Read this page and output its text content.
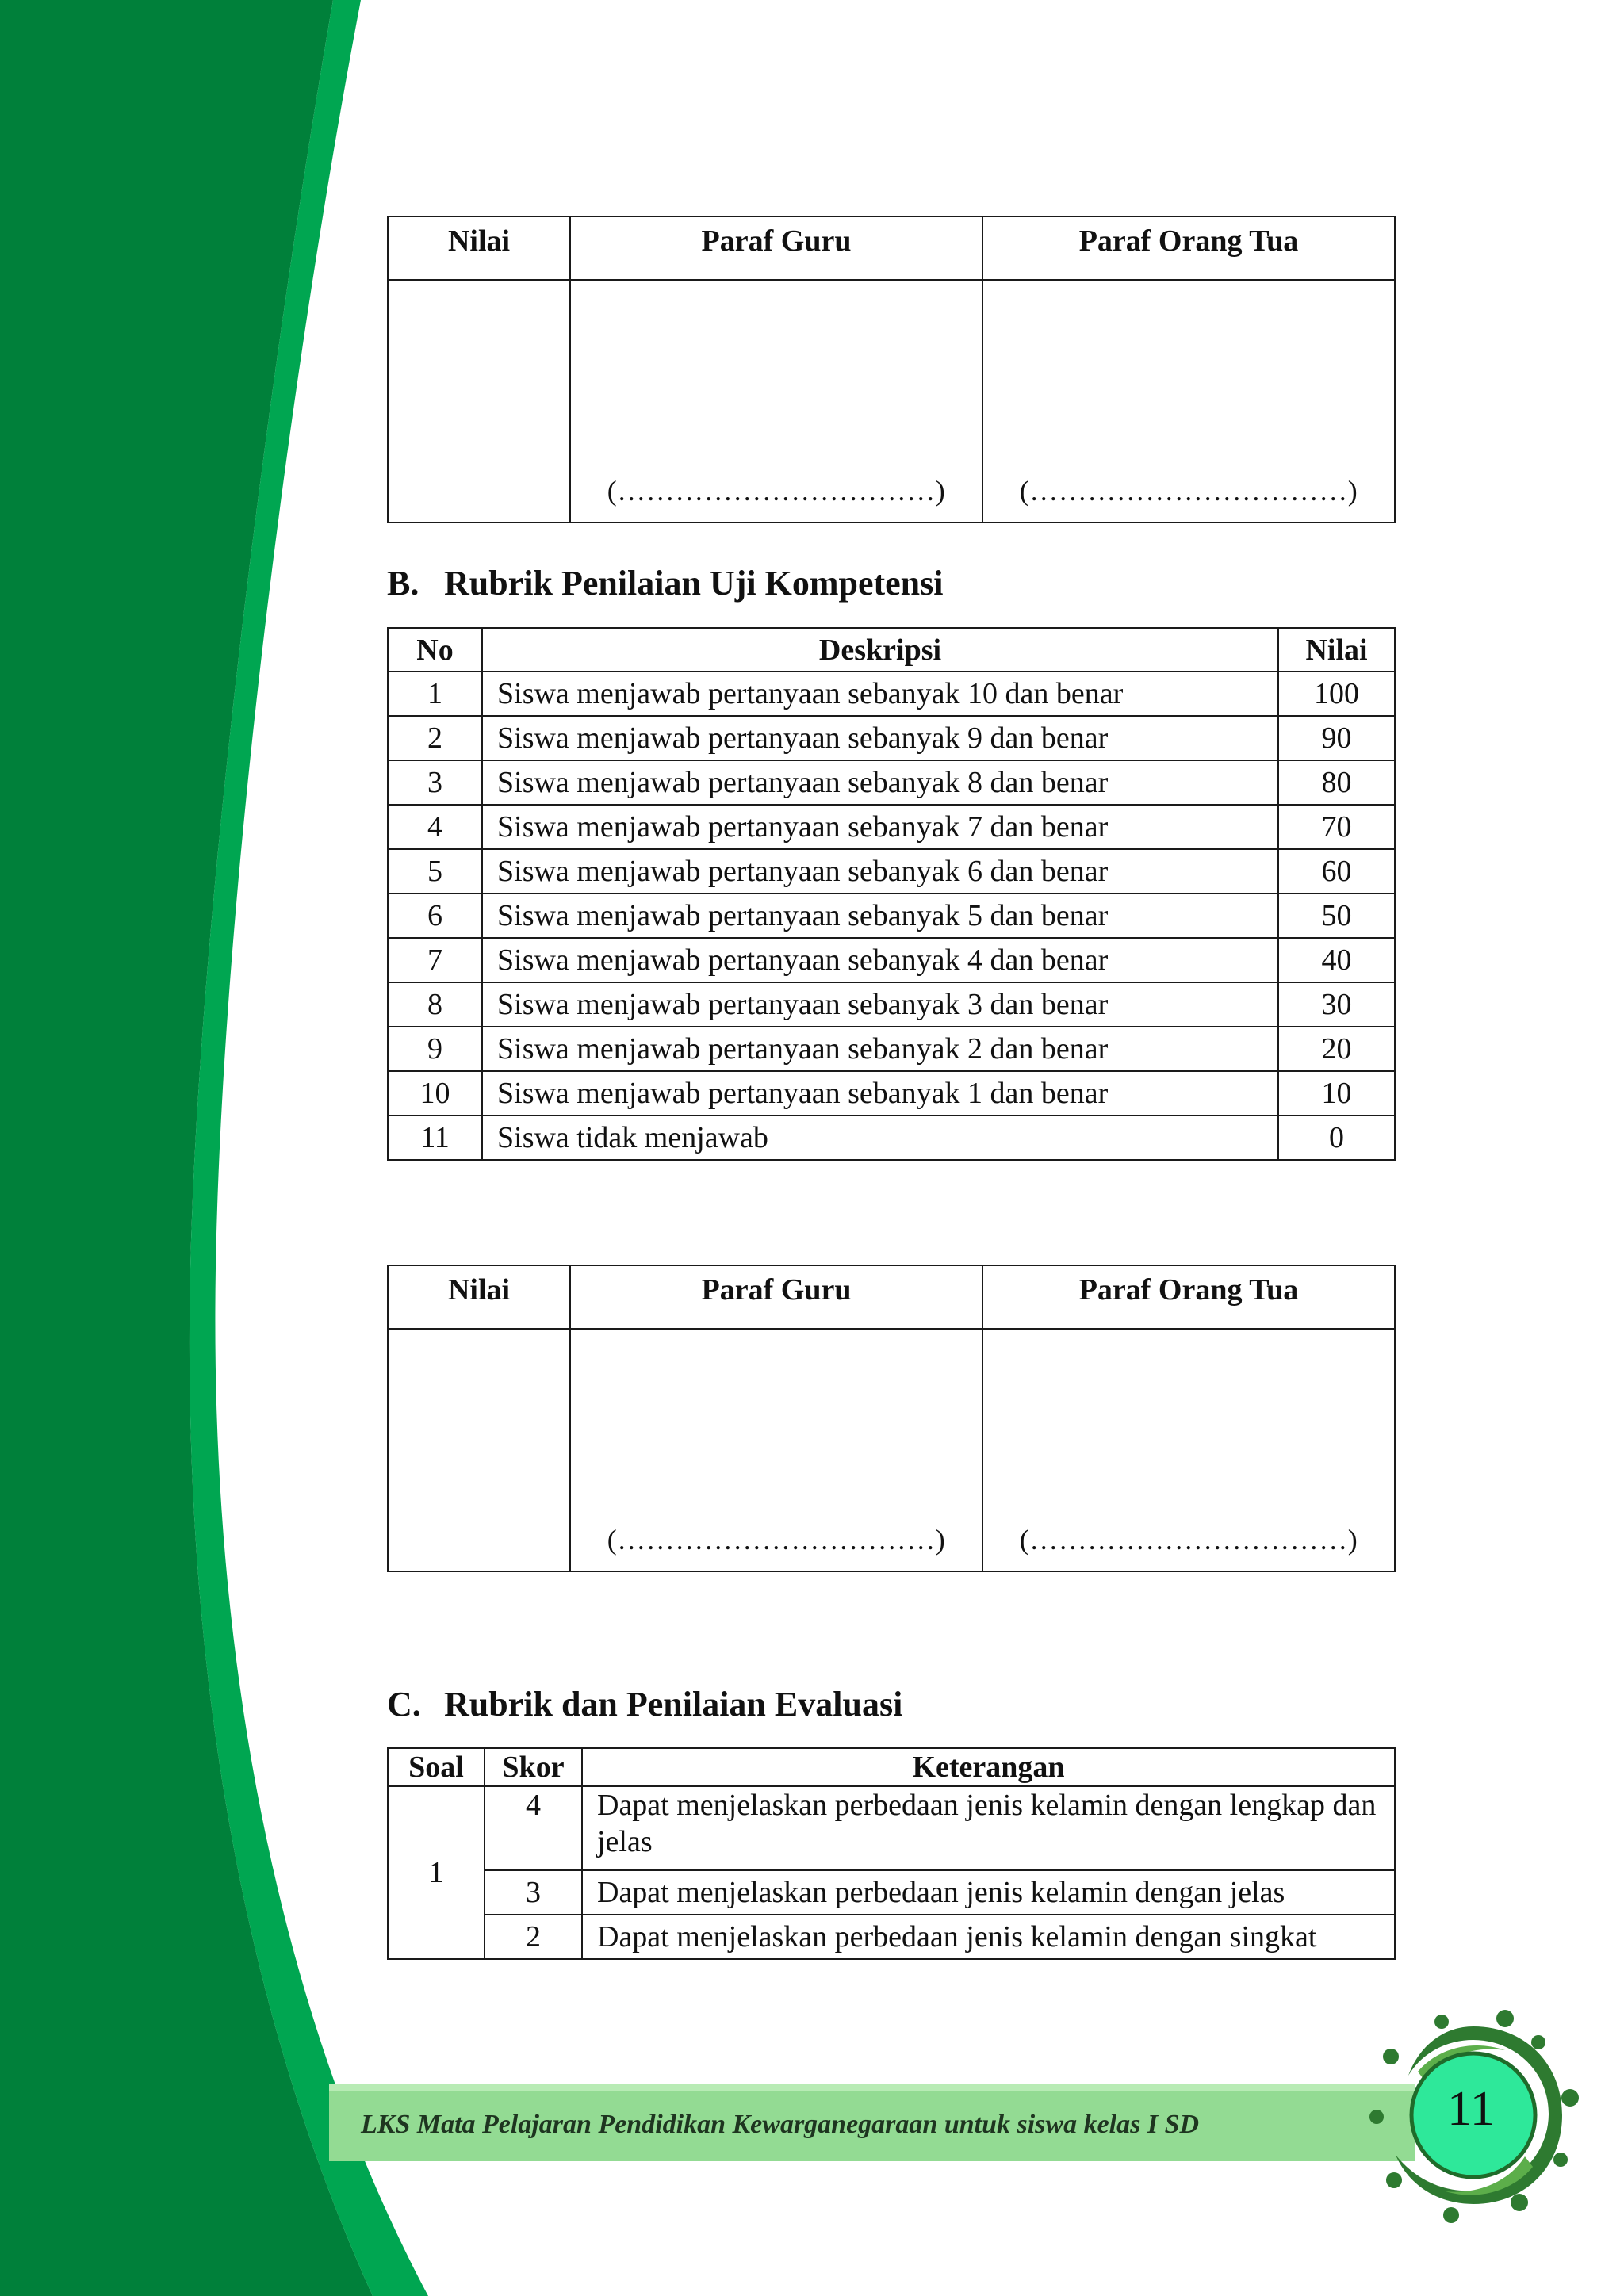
Nilai	Paraf Guru	Paraf Orang Tua
	(……………………………)	(……………………………)
B. Rubrik Penilaian Uji Kompetensi
No	Deskripsi	Nilai
1	Siswa menjawab pertanyaan sebanyak 10 dan benar	100
2	Siswa menjawab pertanyaan sebanyak 9 dan benar	90
3	Siswa menjawab pertanyaan sebanyak 8 dan benar	80
4	Siswa menjawab pertanyaan sebanyak 7 dan benar	70
5	Siswa menjawab pertanyaan sebanyak 6 dan benar	60
6	Siswa menjawab pertanyaan sebanyak 5 dan benar	50
7	Siswa menjawab pertanyaan sebanyak 4 dan benar	40
8	Siswa menjawab pertanyaan sebanyak 3 dan benar	30
9	Siswa menjawab pertanyaan sebanyak 2 dan benar	20
10	Siswa menjawab pertanyaan sebanyak 1 dan benar	10
11	Siswa tidak menjawab	0
Nilai	Paraf Guru	Paraf Orang Tua
	(……………………………)	(……………………………)
C. Rubrik dan Penilaian Evaluasi
Soal	Skor	Keterangan
1	4	Dapat menjelaskan perbedaan jenis kelamin dengan lengkap dan jelas
	3	Dapat menjelaskan perbedaan jenis kelamin dengan jelas
	2	Dapat menjelaskan perbedaan jenis kelamin dengan singkat
LKS Mata Pelajaran Pendidikan Kewarganegaraan untuk siswa kelas I SD	11
